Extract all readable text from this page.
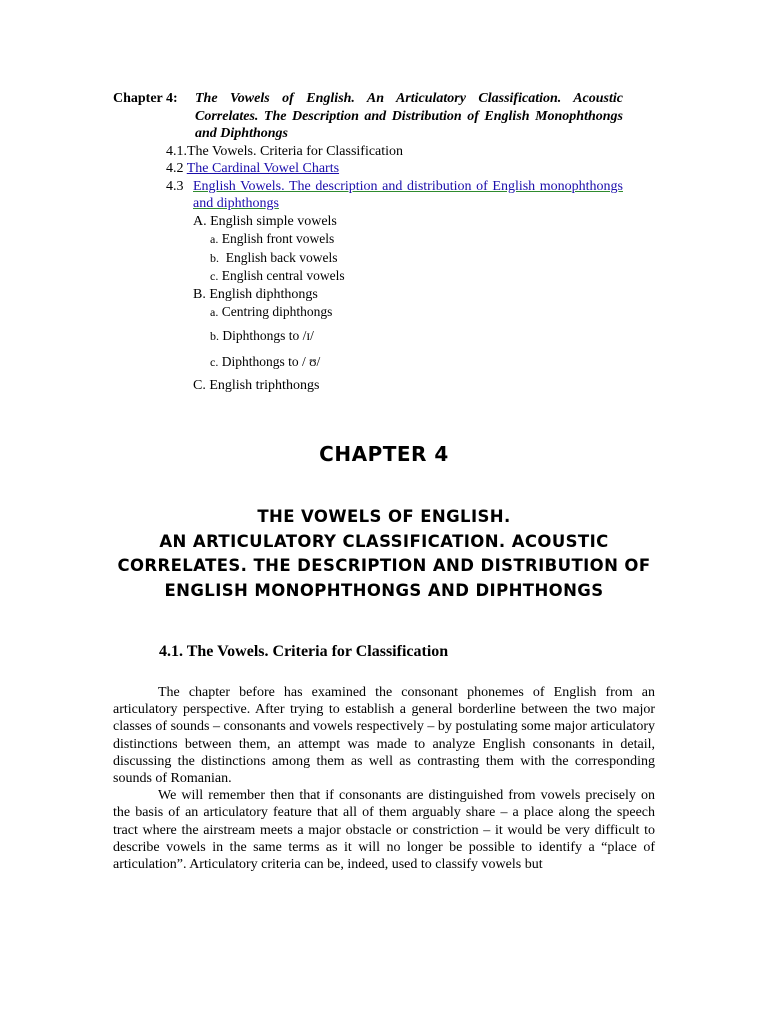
Chapter 4:	The Vowels of English. An Articulatory Classification. Acoustic Correlates. The Description and Distribution of English Monophthongs and Diphthongs
4.1.The Vowels. Criteria for Classification
4.2 The Cardinal Vowel Charts
4.3 English Vowels. The description and distribution of English monophthongs and diphthongs
A. English simple vowels
a. English front vowels
b. English back vowels
c. English central vowels
B. English diphthongs
a. Centring diphthongs
b. Diphthongs to /ɪ/
c. Diphthongs to / ʊ/
C. English triphthongs
CHAPTER 4
THE VOWELS OF ENGLISH.
AN ARTICULATORY CLASSIFICATION. ACOUSTIC
CORRELATES. THE DESCRIPTION AND DISTRIBUTION OF
ENGLISH MONOPHTHONGS AND DIPHTHONGS
4.1. The Vowels. Criteria for Classification

The chapter before has examined the consonant phonemes of English from an articulatory perspective. After trying to establish a general borderline between the two major classes of sounds – consonants and vowels respectively – by postulating some major articulatory distinctions between them, an attempt was made to analyze English consonants in detail, discussing the distinctions among them as well as contrasting them with the corresponding sounds of Romanian.

We will remember then that if consonants are distinguished from vowels precisely on the basis of an articulatory feature that all of them arguably share – a place along the speech tract where the airstream meets a major obstacle or constriction – it would be very difficult to describe vowels in the same terms as it will no longer be possible to identify a “place of articulation”. Articulatory criteria can be, indeed, used to classify vowels but
